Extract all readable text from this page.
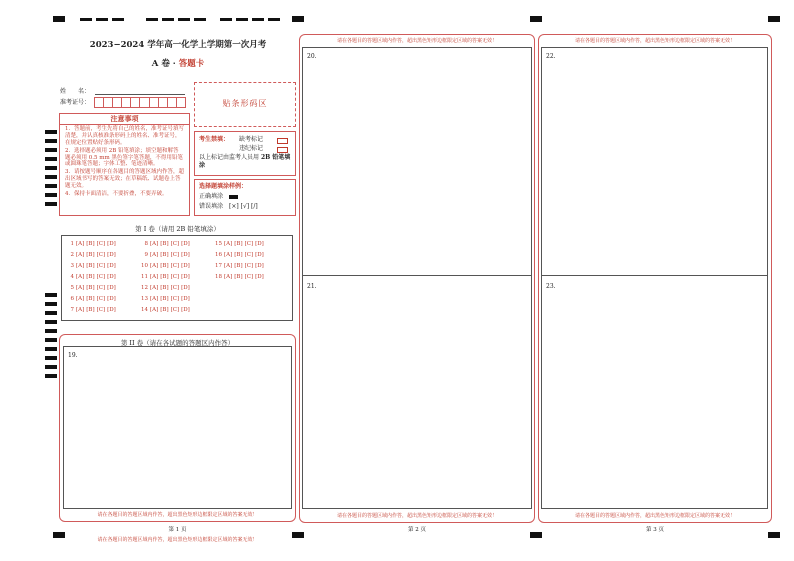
2023−2024 学年高一化学上学期第一次月考
A 卷 · 答题卡
姓　　名：
准考证号：	贴条形码区
注意事项
1．答题前，考生先将自己的姓名，准考证号填写清楚，并认真核准条形码上的姓名、准考证号，在规定位置贴好条形码。
2．选择题必须用 2B 铅笔填涂；填空题和解答题必须用 0.5 mm 黑色签字笔答题，不得用铅笔或圆珠笔答题；字体工整、笔迹清晰。
3．请按题号顺序在各题目的答题区域内作答，超出区域书写的答案无效；在草稿纸、试题卷上答题无效。
4．保持卡面清洁，不要折叠，不要弄破。
考生禁填： 缺考标记
违纪标记
以上标记由监考人员用 2B 铅笔填涂
选择题填涂样例：
正确填涂
错误填涂 [×] [√] [/]
第 I 卷（请用 2B 铅笔填涂）
1 [A] [B] [C] [D]
2 [A] [B] [C] [D]
3 [A] [B] [C] [D]
4 [A] [B] [C] [D]
5 [A] [B] [C] [D]
6 [A] [B] [C] [D]
7 [A] [B] [C] [D]
8 [A] [B] [C] [D]
9 [A] [B] [C] [D]
10 [A] [B] [C] [D]
11 [A] [B] [C] [D]
12 [A] [B] [C] [D]
13 [A] [B] [C] [D]
14 [A] [B] [C] [D]
15 [A] [B] [C] [D]
16 [A] [B] [C] [D]
17 [A] [B] [C] [D]
18 [A] [B] [C] [D]
第 II 卷（请在各试题的答题区内作答）
19.
请在各题目的答题区域内作答，超出黑色矩形边框限定区域的答案无效！
第 1 页
请在各题目的答题区域内作答，超出黑色矩形边框限定区域的答案无效！
请在各题目的答题区域内作答，超出黑色矩形边框限定区域的答案无效！
20.
21.
请在各题目的答题区域内作答，超出黑色矩形边框限定区域的答案无效！
第 2 页
请在各题目的答题区域内作答，超出黑色矩形边框限定区域的答案无效！
22.
23.
请在各题目的答题区域内作答，超出黑色矩形边框限定区域的答案无效！
第 3 页
